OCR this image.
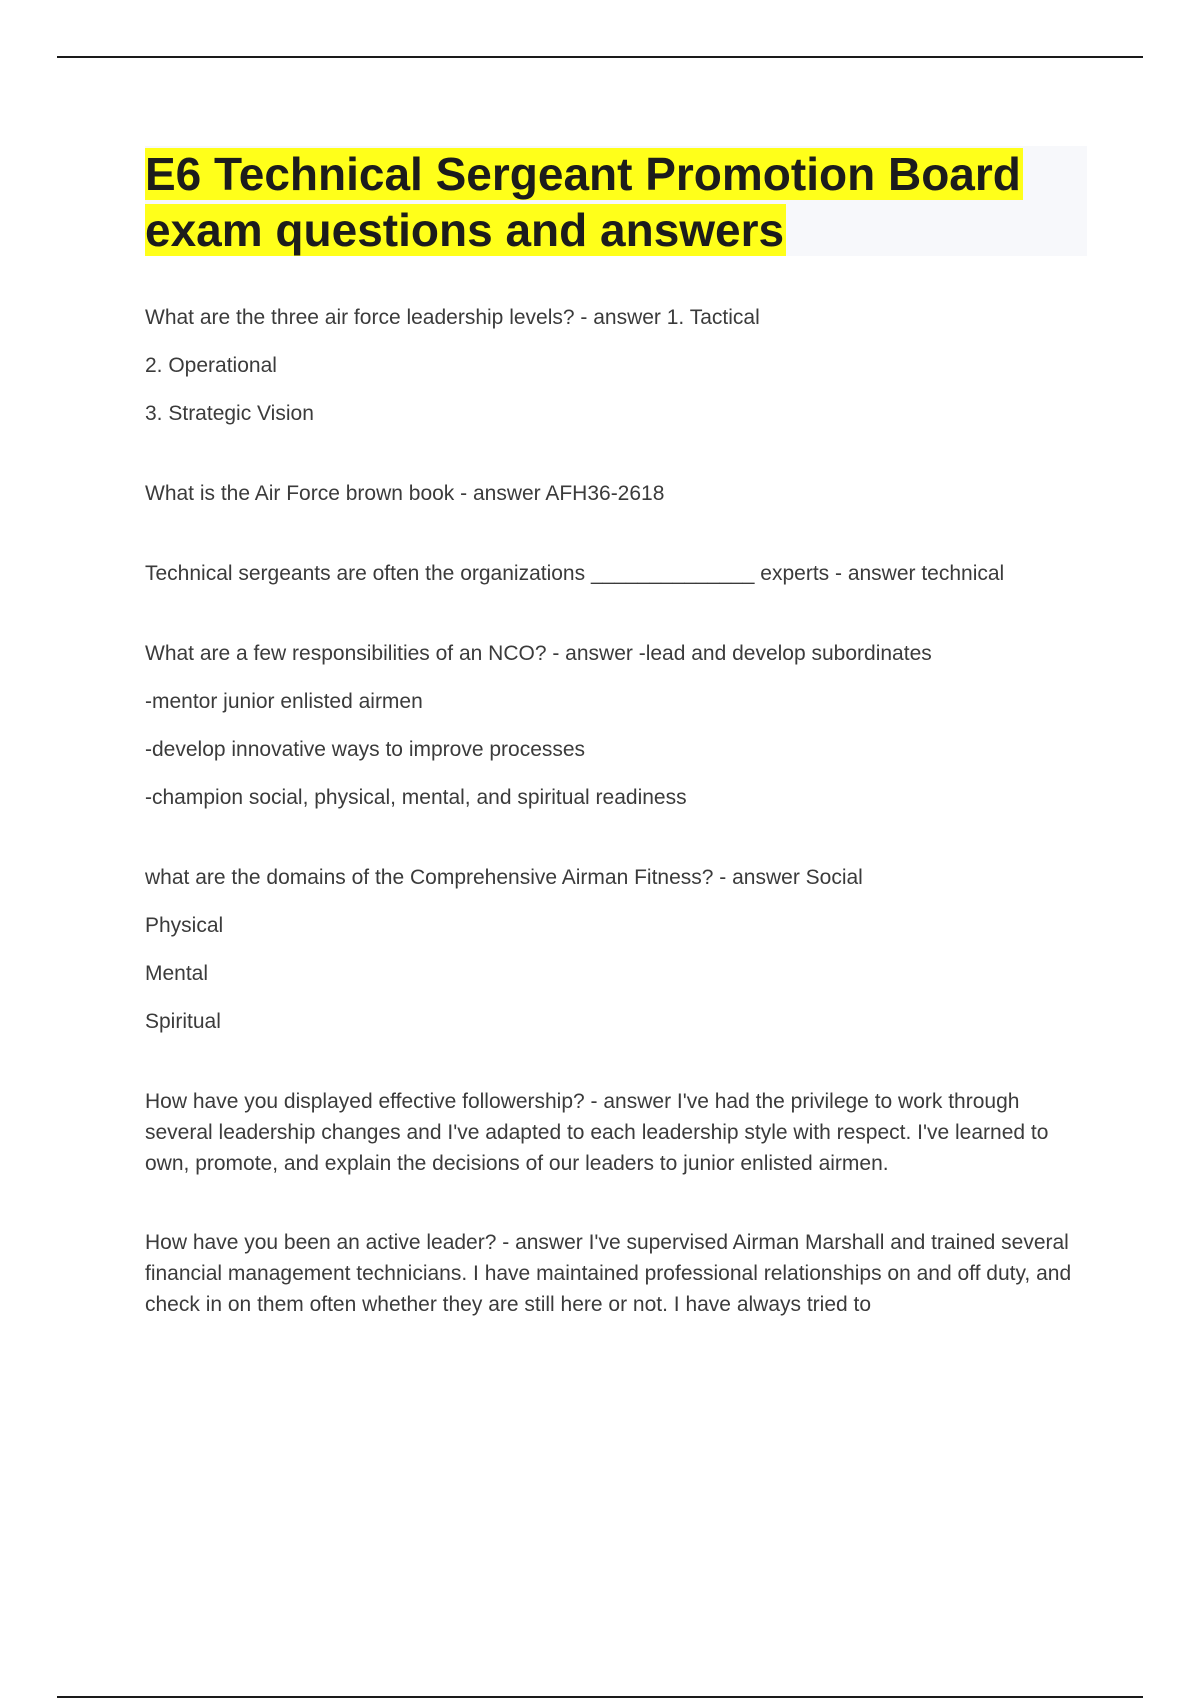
E6 Technical Sergeant Promotion Board
exam questions and answers

What are the three air force leadership levels? - answer 1. Tactical

2. Operational

3. Strategic Vision

What is the Air Force brown book - answer AFH36-2618

Technical sergeants are often the organizations ______________ experts - answer technical

What are a few responsibilities of an NCO? - answer -lead and develop subordinates

-mentor junior enlisted airmen

-develop innovative ways to improve processes

-champion social, physical, mental, and spiritual readiness

what are the domains of the Comprehensive Airman Fitness? - answer Social

Physical

Mental

Spiritual

How have you displayed effective followership? - answer I've had the privilege to work through several leadership changes and I've adapted to each leadership style with respect. I've learned to own, promote, and explain the decisions of our leaders to junior enlisted airmen.

How have you been an active leader? - answer I've supervised Airman Marshall and trained several financial management technicians. I have maintained professional relationships on and off duty, and check in on them often whether they are still here or not. I have always tried to
